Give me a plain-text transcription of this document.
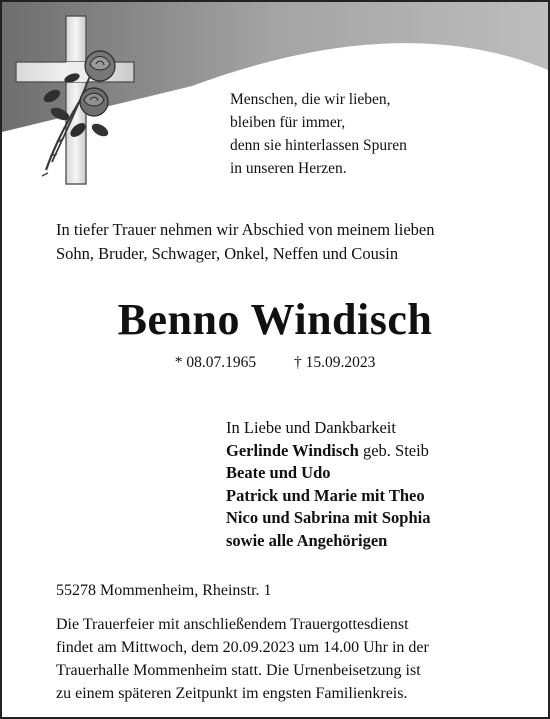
Menschen, die wir lieben,
bleiben für immer,
denn sie hinterlassen Spuren
in unseren Herzen.
In tiefer Trauer nehmen wir Abschied von meinem lieben
Sohn, Bruder, Schwager, Onkel, Neffen und Cousin
Benno Windisch
* 08.07.1965 † 15.09.2023
In Liebe und Dankbarkeit
Gerlinde Windisch geb. Steib
Beate und Udo
Patrick und Marie mit Theo
Nico und Sabrina mit Sophia
sowie alle Angehörigen
55278 Mommenheim, Rheinstr. 1
Die Trauerfeier mit anschließendem Trauergottesdienst
findet am Mittwoch, dem 20.09.2023 um 14.00 Uhr in der
Trauerhalle Mommenheim statt. Die Urnenbeisetzung ist
zu einem späteren Zeitpunkt im engsten Familienkreis.
